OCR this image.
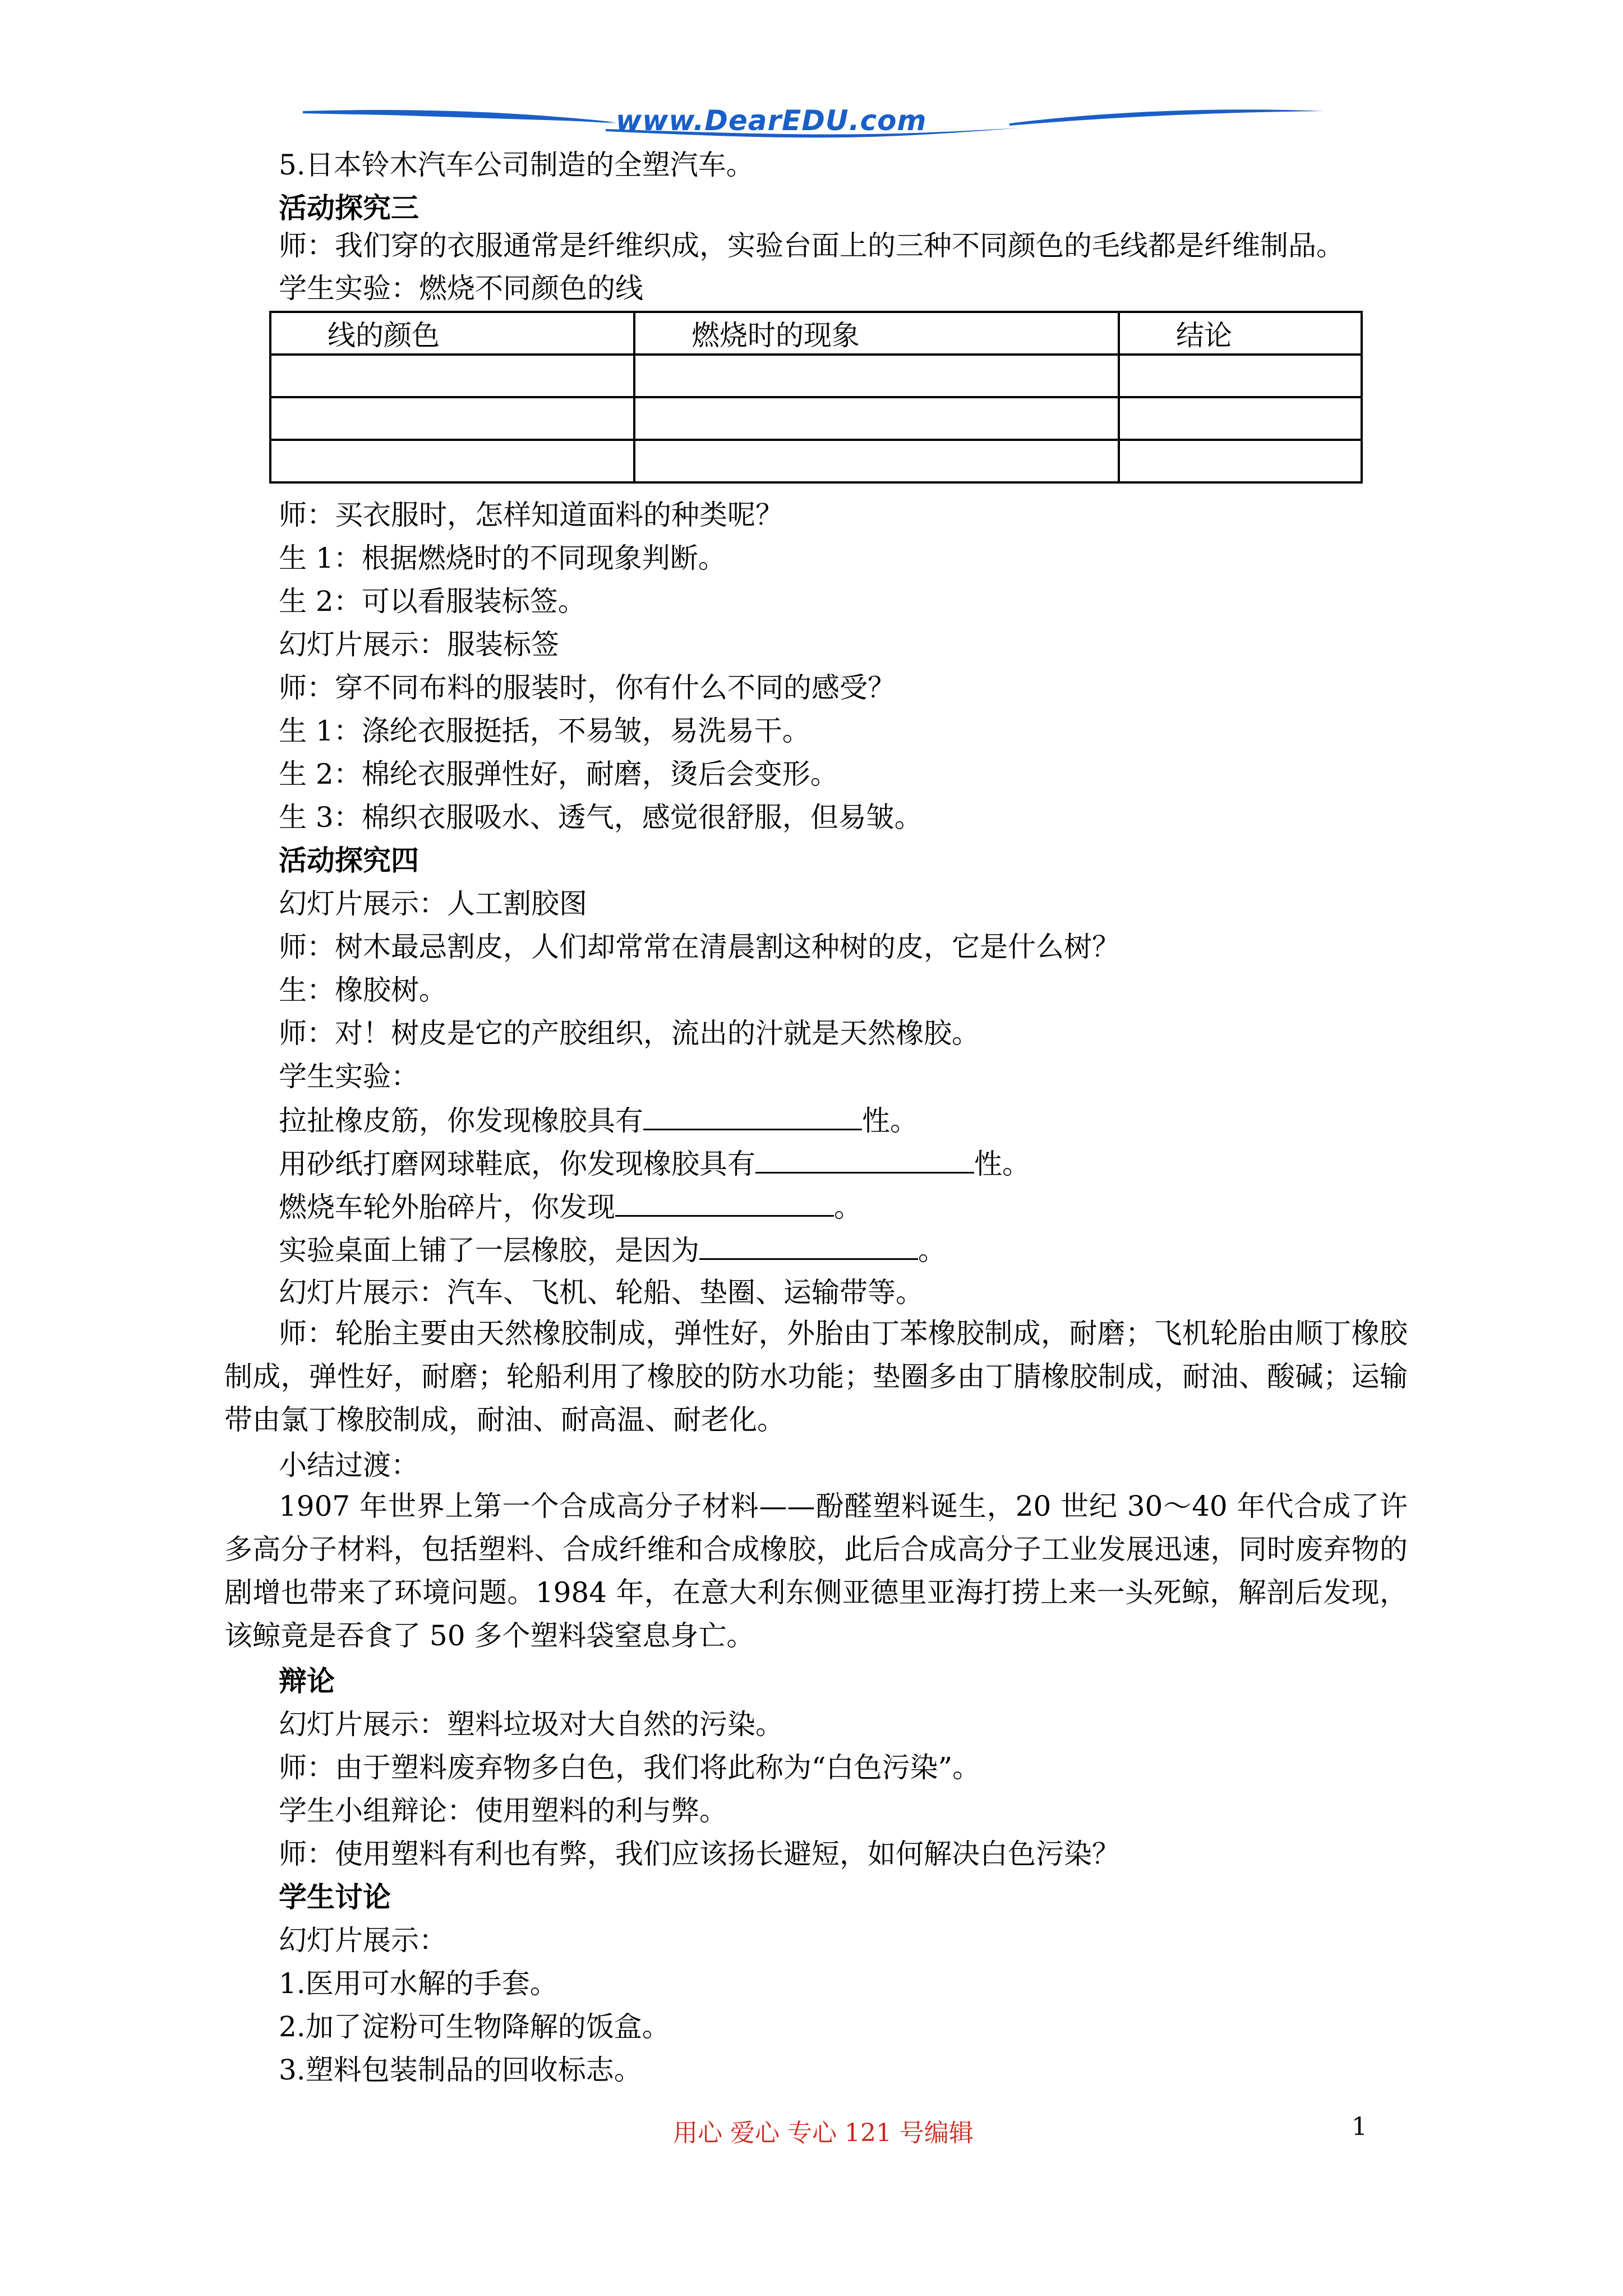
www.DearEDU.com
5.日本铃木汽车公司制造的全塑汽车。
活动探究三
师：我们穿的衣服通常是纤维织成，实验台面上的三种不同颜色的毛线都是纤维制品。
学生实验：燃烧不同颜色的线
线的颜色	燃烧时的现象	结论

师：买衣服时，怎样知道面料的种类呢？
生 1：根据燃烧时的不同现象判断。
生 2：可以看服装标签。
幻灯片展示：服装标签
师：穿不同布料的服装时，你有什么不同的感受？
生 1：涤纶衣服挺括，不易皱，易洗易干。
生 2：棉纶衣服弹性好，耐磨，烫后会变形。
生 3：棉织衣服吸水、透气，感觉很舒服，但易皱。
活动探究四
幻灯片展示：人工割胶图
师：树木最忌割皮，人们却常常在清晨割这种树的皮，它是什么树？
生：橡胶树。
师：对！树皮是它的产胶组织，流出的汁就是天然橡胶。
学生实验：
拉扯橡皮筋，你发现橡胶具有	性。
用砂纸打磨网球鞋底，你发现橡胶具有	性。
燃烧车轮外胎碎片，你发现	。
实验桌面上铺了一层橡胶，是因为	。
幻灯片展示：汽车、飞机、轮船、垫圈、运输带等。
师：轮胎主要由天然橡胶制成，弹性好，外胎由丁苯橡胶制成，耐磨；飞机轮胎由顺丁橡胶制成，弹性好，耐磨；轮船利用了橡胶的防水功能；垫圈多由丁腈橡胶制成，耐油、酸碱；运输带由氯丁橡胶制成，耐油、耐高温、耐老化。
小结过渡：
1907 年世界上第一个合成高分子材料——酚醛塑料诞生，20 世纪 30～40 年代合成了许多高分子材料，包括塑料、合成纤维和合成橡胶，此后合成高分子工业发展迅速，同时废弃物的剧增也带来了环境问题。1984 年，在意大利东侧亚德里亚海打捞上来一头死鲸，解剖后发现，该鲸竟是吞食了 50 多个塑料袋窒息身亡。
辩论
幻灯片展示：塑料垃圾对大自然的污染。
师：由于塑料废弃物多白色，我们将此称为“白色污染”。
学生小组辩论：使用塑料的利与弊。
师：使用塑料有利也有弊，我们应该扬长避短，如何解决白色污染？
学生讨论
幻灯片展示：
1.医用可水解的手套。
2.加了淀粉可生物降解的饭盒。
3.塑料包装制品的回收标志。
用心 爱心 专心 121 号编辑	1
